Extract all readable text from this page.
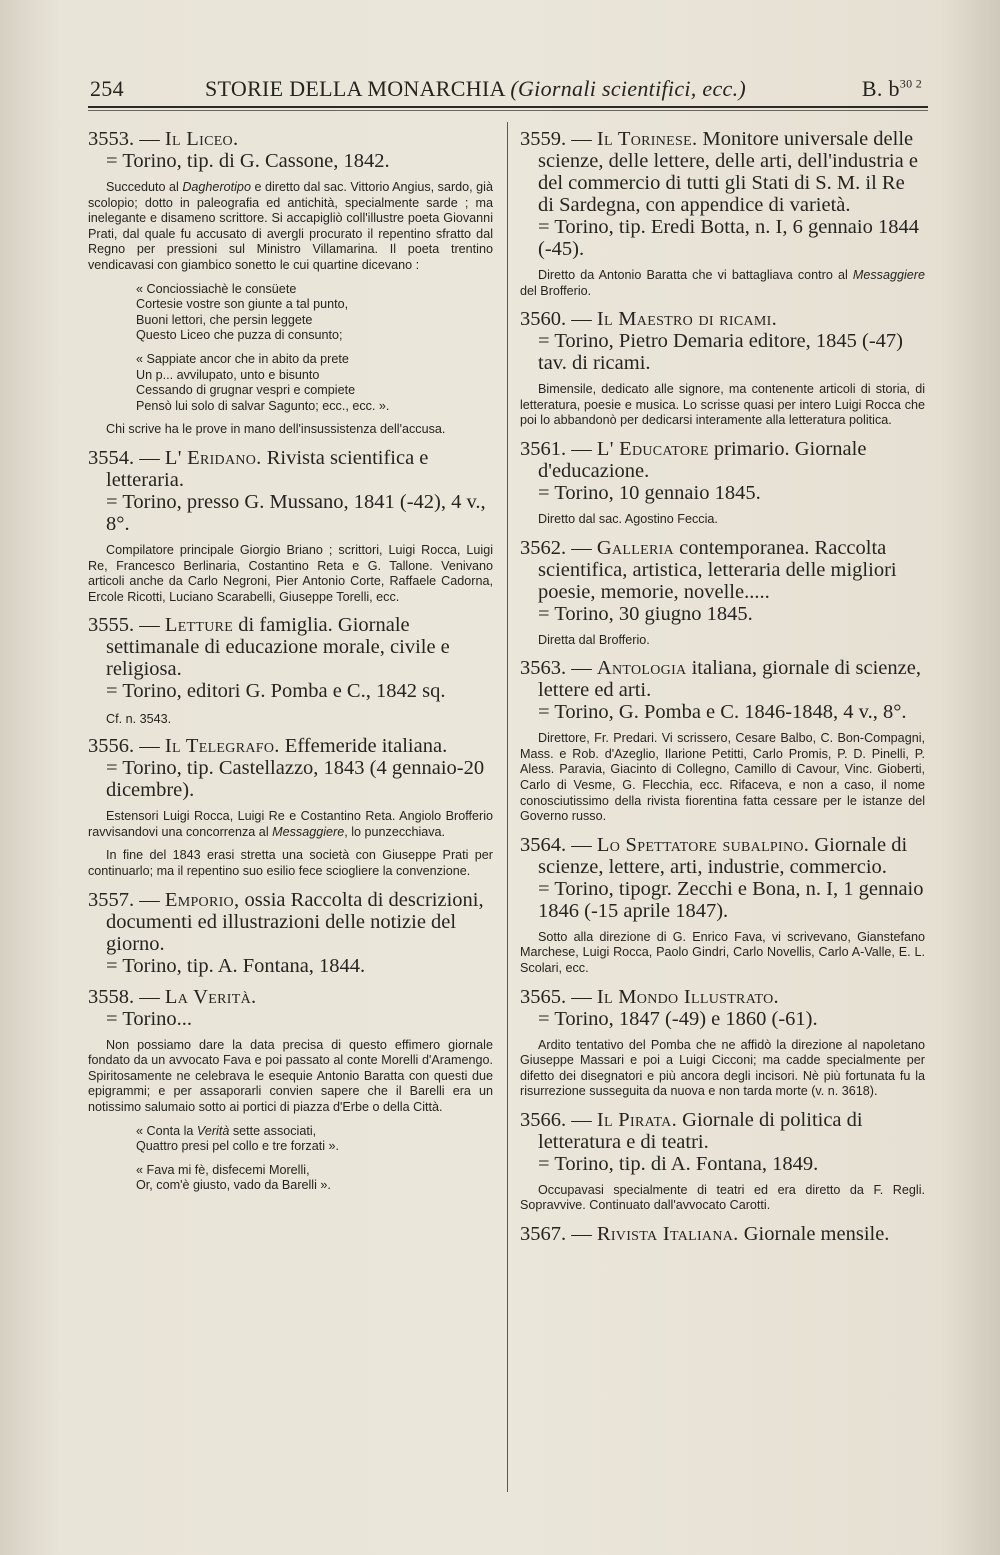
254	STORIE DELLA MONARCHIA (Giornali scientifici, ecc.)	B. $b^{30 2}$

3553. — Il Liceo.

= Torino, tip. di G. Cassone, 1842.

Succeduto al Dagherotipo e diretto dal sac. Vittorio Angius, sardo, già scolopio; dotto in paleografia ed antichità, specialmente sarde ; ma inelegante e disameno scrittore. Si accapigliò coll'illustre poeta Giovanni Prati, dal quale fu accusato di avergli procurato il repentino sfratto dal Regno per pressioni sul Ministro Villamarina. Il poeta trentino vendicavasi con giambico sonetto le cui quartine dicevano :

« Conciossiachè le consüete
Cortesie vostre son giunte a tal punto,
Buoni lettori, che persin leggete
Questo Liceo che puzza di consunto;
« Sappiate ancor che in abito da prete
Un p... avvilupato, unto e bisunto
Cessando di grugnar vespri e compiete
Pensò lui solo di salvar Sagunto; ecc., ecc. ».

Chi scrive ha le prove in mano dell'insussistenza dell'accusa.

3554. — L' Eridano. Rivista scientifica e letteraria.

= Torino, presso G. Mussano, 1841 (-42), 4 v., 8°.

Compilatore principale Giorgio Briano ; scrittori, Luigi Rocca, Luigi Re, Francesco Berlinaria, Costantino Reta e G. Tallone. Venivano articoli anche da Carlo Negroni, Pier Antonio Corte, Raffaele Cadorna, Ercole Ricotti, Luciano Scarabelli, Giuseppe Torelli, ecc.

3555. — Letture di famiglia. Giornale settimanale di educazione morale, civile e religiosa.

= Torino, editori G. Pomba e C., 1842 sq.

Cf. n. 3543.

3556. — Il Telegrafo. Effemeride italiana.

= Torino, tip. Castellazzo, 1843 (4 gennaio-20 dicembre).

Estensori Luigi Rocca, Luigi Re e Costantino Reta. Angiolo Brofferio ravvisandovi una concorrenza al Messaggiere, lo punzecchiava.

In fine del 1843 erasi stretta una società con Giuseppe Prati per continuarlo; ma il repentino suo esilio fece sciogliere la convenzione.

3557. — Emporio, ossia Raccolta di descrizioni, documenti ed illustrazioni delle notizie del giorno.

= Torino, tip. A. Fontana, 1844.

3558. — La Verità.

= Torino...

Non possiamo dare la data precisa di questo effimero giornale fondato da un avvocato Fava e poi passato al conte Morelli d'Aramengo. Spiritosamente ne celebrava le esequie Antonio Baratta con questi due epigrammi; e per assaporarli convien sapere che il Barelli era un notissimo salumaio sotto ai portici di piazza d'Erbe o della Città.

« Conta la Verità sette associati,
Quattro presi pel collo e tre forzati ».
« Fava mi fè, disfecemi Morelli,
Or, com'è giusto, vado da Barelli ».

3559. — Il Torinese. Monitore universale delle scienze, delle lettere, delle arti, dell'industria e del commercio di tutti gli Stati di S. M. il Re di Sardegna, con appendice di varietà.

= Torino, tip. Eredi Botta, n. I, 6 gennaio 1844 (-45).

Diretto da Antonio Baratta che vi battagliava contro al Messaggiere del Brofferio.

3560. — Il Maestro di ricami.

= Torino, Pietro Demaria editore, 1845 (-47) tav. di ricami.

Bimensile, dedicato alle signore, ma contenente articoli di storia, di letteratura, poesie e musica. Lo scrisse quasi per intero Luigi Rocca che poi lo abbandonò per dedicarsi interamente alla letteratura politica.

3561. — L' Educatore primario. Giornale d'educazione.

= Torino, 10 gennaio 1845.

Diretto dal sac. Agostino Feccia.

3562. — Galleria contemporanea. Raccolta scientifica, artistica, letteraria delle migliori poesie, memorie, novelle.....

= Torino, 30 giugno 1845.

Diretta dal Brofferio.

3563. — Antologia italiana, giornale di scienze, lettere ed arti.

= Torino, G. Pomba e C. 1846-1848, 4 v., 8°.

Direttore, Fr. Predari. Vi scrissero, Cesare Balbo, C. Bon-Compagni, Mass. e Rob. d'Azeglio, Ilarione Petitti, Carlo Promis, P. D. Pinelli, P. Aless. Paravia, Giacinto di Collegno, Camillo di Cavour, Vinc. Gioberti, Carlo di Vesme, G. Flecchia, ecc. Rifaceva, e non a caso, il nome conosciutissimo della rivista fiorentina fatta cessare per le istanze del Governo russo.

3564. — Lo Spettatore subalpino. Giornale di scienze, lettere, arti, industrie, commercio.

= Torino, tipogr. Zecchi e Bona, n. I, 1 gennaio 1846 (-15 aprile 1847).

Sotto alla direzione di G. Enrico Fava, vi scrivevano, Gianstefano Marchese, Luigi Rocca, Paolo Gindri, Carlo Novellis, Carlo A-Valle, E. L. Scolari, ecc.

3565. — Il Mondo Illustrato.

= Torino, 1847 (-49) e 1860 (-61).

Ardito tentativo del Pomba che ne affidò la direzione al napoletano Giuseppe Massari e poi a Luigi Cicconi; ma cadde specialmente per difetto dei disegnatori e più ancora degli incisori. Nè più fortunata fu la risurrezione susseguita da nuova e non tarda morte (v. n. 3618).

3566. — Il Pirata. Giornale di politica di letteratura e di teatri.

= Torino, tip. di A. Fontana, 1849.

Occupavasi specialmente di teatri ed era diretto da F. Regli. Sopravvive. Continuato dall'avvocato Carotti.

3567. — Rivista Italiana. Giornale mensile.
